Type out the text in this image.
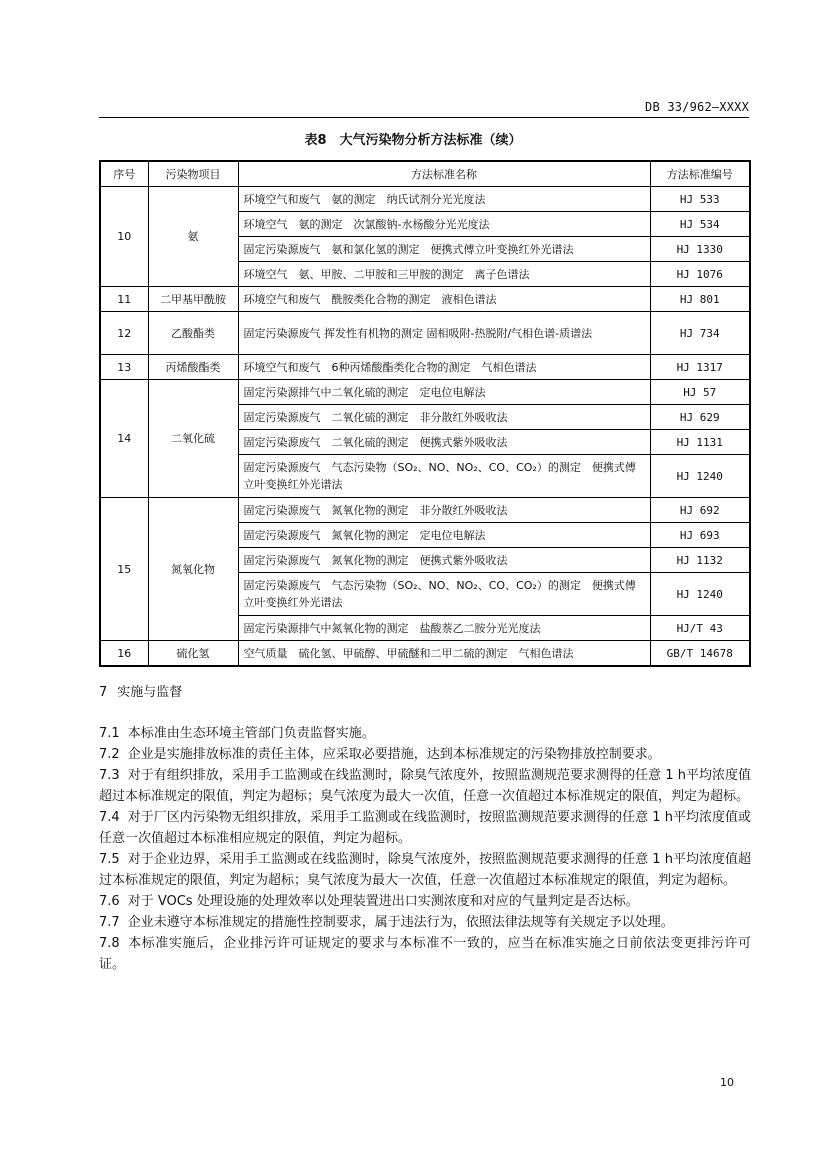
DB 33/962—XXXX
表8　大气污染物分析方法标准（续）
序号	污染物项目	方法标准名称	方法标准编号
10	氨	环境空气和废气　氨的测定　纳氏试剂分光光度法	HJ 533
		环境空气　氨的测定　次氯酸钠-水杨酸分光光度法	HJ 534
		固定污染源废气　氨和氯化氢的测定　便携式傅立叶变换红外光谱法	HJ 1330
		环境空气　氨、甲胺、二甲胺和三甲胺的测定　离子色谱法	HJ 1076
11	二甲基甲酰胺	环境空气和废气　酰胺类化合物的测定　液相色谱法	HJ 801
12	乙酸酯类	固定污染源废气 挥发性有机物的测定 固相吸附-热脱附/气相色谱-质谱法	HJ 734
13	丙烯酸酯类	环境空气和废气　6种丙烯酸酯类化合物的测定　气相色谱法	HJ 1317
14	二氧化硫	固定污染源排气中二氧化硫的测定　定电位电解法	HJ 57
		固定污染源废气　二氧化硫的测定　非分散红外吸收法	HJ 629
		固定污染源废气　二氧化硫的测定　便携式紫外吸收法	HJ 1131
		固定污染源废气　气态污染物（SO₂、NO、NO₂、CO、CO₂）的测定　便携式傅立叶变换红外光谱法	HJ 1240
15	氮氧化物	固定污染源废气　氮氧化物的测定　非分散红外吸收法	HJ 692
		固定污染源废气　氮氧化物的测定　定电位电解法	HJ 693
		固定污染源废气　氮氧化物的测定　便携式紫外吸收法	HJ 1132
		固定污染源废气　气态污染物（SO₂、NO、NO₂、CO、CO₂）的测定　便携式傅立叶变换红外光谱法	HJ 1240
		固定污染源排气中氮氧化物的测定　盐酸萘乙二胺分光光度法	HJ/T 43
16	硫化氢	空气质量　硫化氢、甲硫醇、甲硫醚和二甲二硫的测定　气相色谱法	GB/T 14678
7 实施与监督

7.1 本标准由生态环境主管部门负责监督实施。

7.2 企业是实施排放标准的责任主体，应采取必要措施，达到本标准规定的污染物排放控制要求。

7.3 对于有组织排放，采用手工监测或在线监测时，除臭气浓度外，按照监测规范要求测得的任意 1 h平均浓度值超过本标准规定的限值，判定为超标；臭气浓度为最大一次值，任意一次值超过本标准规定的限值，判定为超标。

7.4 对于厂区内污染物无组织排放，采用手工监测或在线监测时，按照监测规范要求测得的任意 1 h平均浓度值或任意一次值超过本标准相应规定的限值，判定为超标。

7.5 对于企业边界，采用手工监测或在线监测时，除臭气浓度外，按照监测规范要求测得的任意 1 h平均浓度值超过本标准规定的限值，判定为超标；臭气浓度为最大一次值，任意一次值超过本标准规定的限值，判定为超标。

7.6 对于 VOCs 处理设施的处理效率以处理装置进出口实测浓度和对应的气量判定是否达标。

7.7 企业未遵守本标准规定的措施性控制要求，属于违法行为，依照法律法规等有关规定予以处理。

7.8 本标准实施后，企业排污许可证规定的要求与本标准不一致的，应当在标准实施之日前依法变更排污许可证。

10
